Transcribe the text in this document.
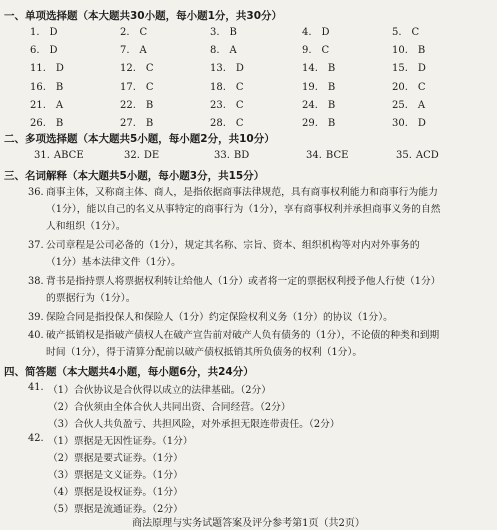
一、单项选择题（本大题共30小题，每小题1分，共30分）
1. D	2. C	3. B	4. D	5. C
6. D	7. A	8. A	9. C	10. B
11. D	12. C	13. D	14. B	15. D
16. B	17. C	18. C	19. B	20. C
21. A	22. B	23. C	24. B	25. A
26. B	27. B	28. C	29. B	30. D
二、多项选择题（本大题共5小题，每小题2分，共10分）
31. ABCE	32. DE	33. BD	34. BCE	35. ACD
三、名词解释（本大题共5小题，每小题3分，共15分）
36. 商事主体，又称商主体、商人，是指依据商事法律规范，具有商事权利能力和商事行为能力
（1分），能以自己的名义从事特定的商事行为（1分），享有商事权利并承担商事义务的自然
人和组织（1分）。
37. 公司章程是公司必备的（1分），规定其名称、宗旨、资本、组织机构等对内对外事务的
（1分）基本法律文件（1分）。
38. 背书是指持票人将票据权利转让给他人（1分）或者将一定的票据权利授予他人行使（1分）
的票据行为（1分）。
39. 保险合同是指投保人和保险人（1分）约定保险权利义务（1分）的协议（1分）。
40. 破产抵销权是指破产债权人在破产宣告前对破产人负有债务的（1分），不论债的种类和到期
时间（1分），得于清算分配前以破产债权抵销其所负债务的权利（1分）。
四、简答题（本大题共4小题，每小题6分，共24分）
41. （1）合伙协议是合伙得以成立的法律基础。（2分）
（2）合伙须由全体合伙人共同出资、合同经营。（2分）
（3）合伙人共负盈亏、共担风险，对外承担无限连带责任。（2分）
42. （1）票据是无因性证券。（1分）
（2）票据是要式证券。（1分）
（3）票据是文义证券。（1分）
（4）票据是设权证券。（1分）
（5）票据是流通证券。（2分）
商法原理与实务试题答案及评分参考第1页（共2页）
